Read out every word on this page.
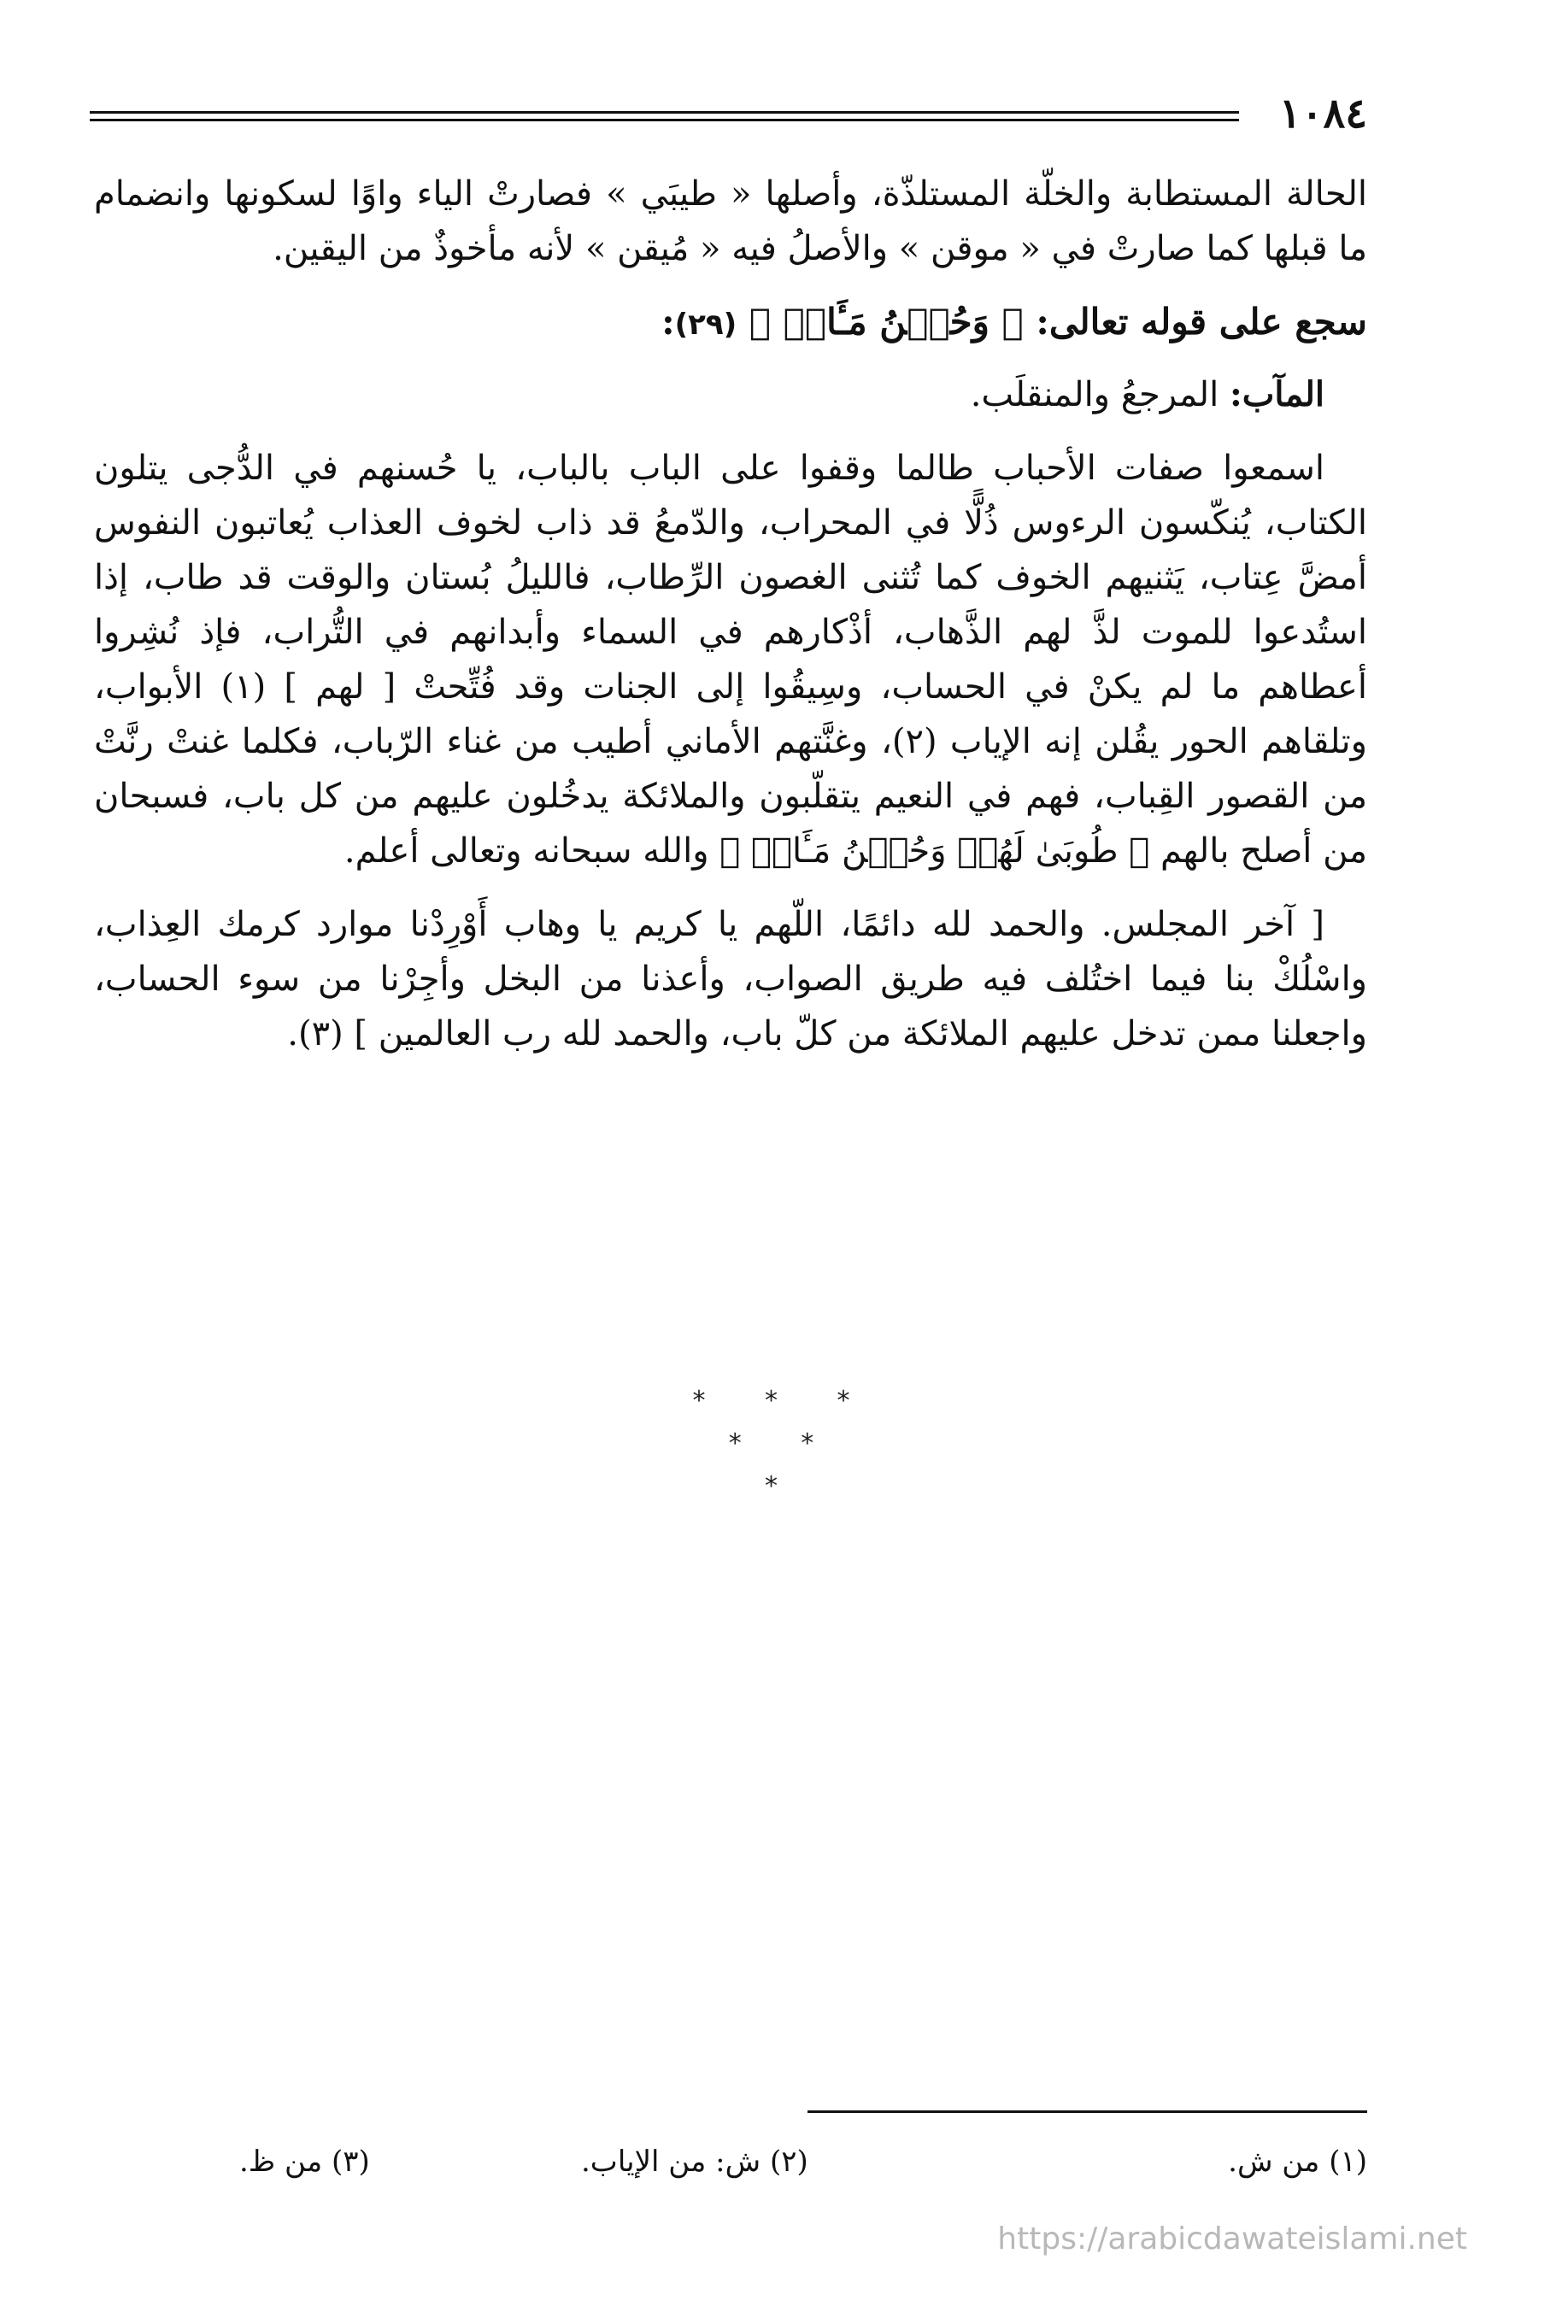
١٠٨٤

الحالة المستطابة والخلّة المستلذّة، وأصلها « طيبَي » فصارتْ الياء واوًا لسكونها وانضمام ما قبلها كما صارتْ في « موقن » والأصلُ فيه « مُيقن » لأنه مأخوذٌ من اليقين.

سجع على قوله تعالى: ﴿ وَحُسۡنُ مَـَٔابٖ ﴾ (٢٩):

المآب: المرجعُ والمنقلَب.

اسمعوا صفات الأحباب طالما وقفوا على الباب بالباب، يا حُسنهم في الدُّجى يتلون الكتاب، يُنكّسون الرءوس ذُلًّا في المحراب، والدّمعُ قد ذاب لخوف العذاب يُعاتبون النفوس أمضَّ عِتاب، يَثنيهم الخوف كما تُثنى الغصون الرِّطاب، فالليلُ بُستان والوقت قد طاب، إذا استُدعوا للموت لذَّ لهم الذَّهاب، أذْكارهم في السماء وأبدانهم في التُّراب، فإذ نُشِروا أعطاهم ما لم يكنْ في الحساب، وسِيقُوا إلى الجنات وقد فُتِّحتْ [ لهم ] (١) الأبواب، وتلقاهم الحور يقُلن إنه الإياب (٢)، وغنَّتهم الأماني أطيب من غناء الرّباب، فكلما غنتْ رنَّتْ من القصور القِباب، فهم في النعيم يتقلّبون والملائكة يدخُلون عليهم من كل باب، فسبحان من أصلح بالهم ﴿ طُوبَىٰ لَهُمۡ وَحُسۡنُ مَـَٔابٖ ﴾ والله سبحانه وتعالى أعلم.

[ آخر المجلس. والحمد لله دائمًا، اللّهم يا كريم يا وهاب أَوْرِدْنا موارد كرمك العِذاب، واسْلُكْ بنا فيما اختُلف فيه طريق الصواب، وأعذنا من البخل وأجِرْنا من سوء الحساب، واجعلنا ممن تدخل عليهم الملائكة من كلّ باب، والحمد لله رب العالمين ] (٣).

* * *
* *
*
(١) من ش.
(٢) ش: من الإياب.
(٣) من ظ.
https://arabicdawateislami.net
